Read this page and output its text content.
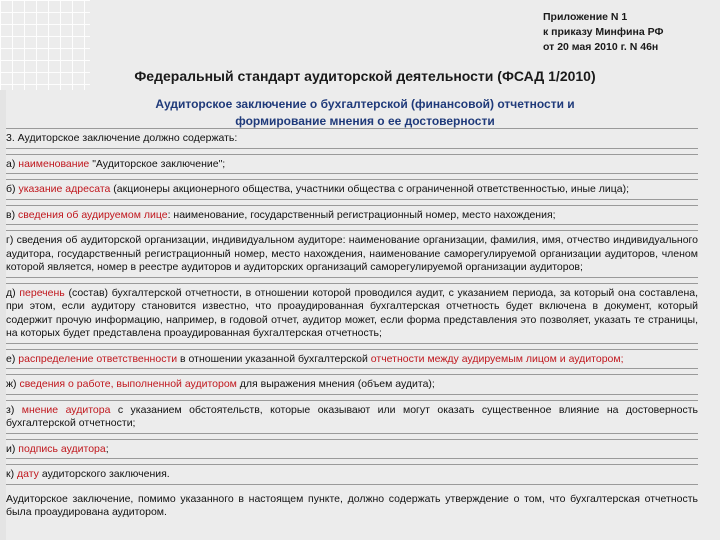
Приложение N 1
к приказу Минфина РФ
от 20 мая 2010 г. N 46н
Федеральный стандарт аудиторской деятельности (ФСАД 1/2010)
Аудиторское заключение о бухгалтерской (финансовой) отчетности и
формирование мнения о ее достоверности
3. Аудиторское заключение должно содержать:
а) наименование "Аудиторское заключение";
б) указание адресата (акционеры акционерного общества, участники общества с ограниченной ответственностью, иные лица);
в) сведения об аудируемом лице: наименование, государственный регистрационный номер, место нахождения;
г) сведения об аудиторской организации, индивидуальном аудиторе: наименование организации, фамилия, имя, отчество индивидуального аудитора, государственный регистрационный номер, место нахождения, наименование саморегулируемой организации аудиторов, членом которой является, номер в реестре аудиторов и аудиторских организаций саморегулируемой организации аудиторов;
д) перечень (состав) бухгалтерской отчетности, в отношении которой проводился аудит, с указанием периода, за который она составлена, при этом, если аудитору становится известно, что проаудированная бухгалтерская отчетность будет включена в документ, который содержит прочую информацию, например, в годовой отчет, аудитор может, если форма представления это позволяет, указать те страницы, на которых будет представлена проаудированная бухгалтерская отчетность;
е) распределение ответственности в отношении указанной бухгалтерской отчетности между аудируемым лицом и аудитором;
ж) сведения о работе, выполненной аудитором для выражения мнения (объем аудита);
з) мнение аудитора с указанием обстоятельств, которые оказывают или могут оказать существенное влияние на достоверность бухгалтерской отчетности;
и) подпись аудитора;
к) дату аудиторского заключения.
Аудиторское заключение, помимо указанного в настоящем пункте, должно содержать утверждение о том, что бухгалтерская отчетность была проаудирована аудитором.
